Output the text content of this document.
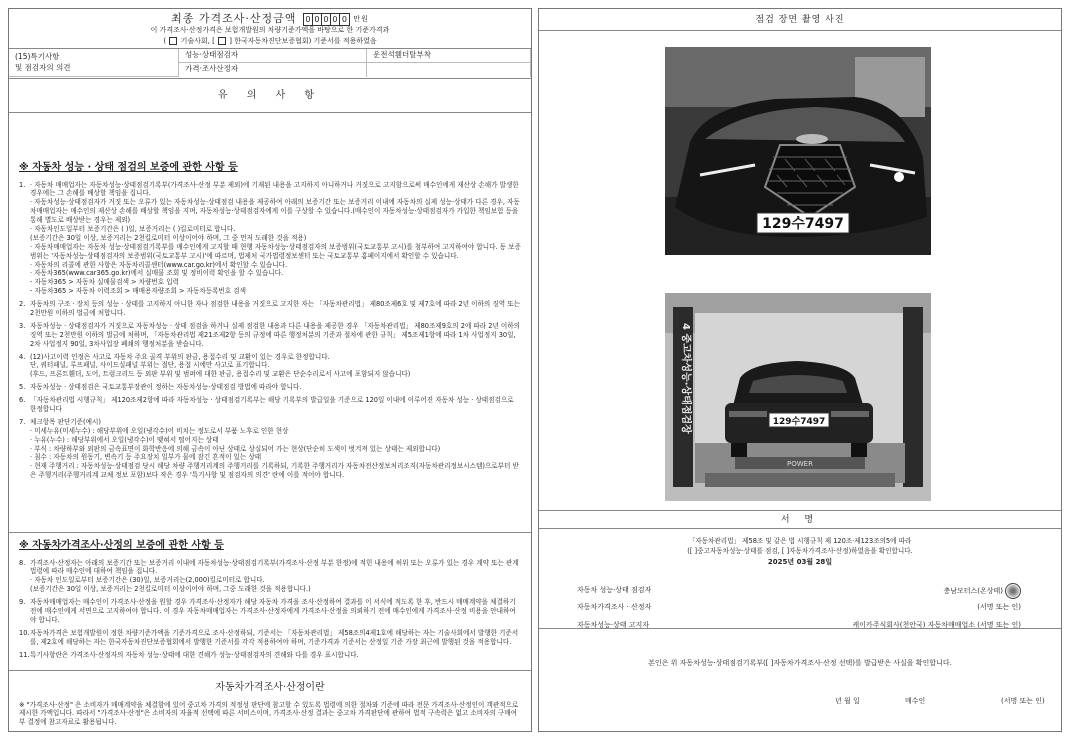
최종 가격조사·산정금액 0 0 0 0 0 만원
이 가격조사·산정가격은 보험개발원의 차량기준가액을 바탕으로 한 기준가격과
(  기술사회, [  ] 한국자동차진단보증협회) 기준서를 적용하였음
(15)특기사항
및 점검자의 의견
성능·상태점검자	운전석휀더탈부착
가격·조사산정자
유 의 사 항
※ 자동차 성능 · 상태 점검의 보증에 관한 사항 등
1. · 자동차 매매업자는 자동차성능·상태점검기록부(가격조사·산정 부분 제외)에 기재된 내용을 고지하지 아니하거나 거짓으로 고지함으로써 매수인에게 재산상 손해가 발생한 경우에는 그 손해를 배상할 책임을 집니다.

· 자동차성능·상태점검자가 거짓 또는 오류가 있는 자동차성능·상태점검 내용을 제공하여 아래의 보증기간 또는 보증거리 이내에 자동차의 실제 성능·상태가 다른 경우, 자동차매매업자는 매수인의 재산상 손해를 배상할 책임을 지며, 자동차성능·상태점검자에게 이를 구상할 수 있습니다.(매수인이 자동차성능·상태점검자가 가입한 책임보험 등을 통해 별도로 배상받는 경우는 제외)

· 자동차인도일부터 보증기간은 ( )일, 보증거리는 ( )킬로미터로 합니다.

(보증기간은 30일 이상, 보증거리는 2천킬로미터 이상이어야 하며, 그 중 먼저 도래한 것을 적용)

· 자동차매매업자는 자동차 성능·상태점검기록부를 매수인에게 고지할 때 현행 자동차성능·상태점검자의 보증범위(국토교통부 고시)를 첨부하여 고지하여야 합니다. 동 보증범위는 '자동차성능·상태점검자의 보증범위(국토교통부 고시)'에 따르며, 법제처 국가법령정보센터 또는 국토교통부 홈페이지에서 확인할 수 있습니다.

· 자동차의 리콜에 관한 사항은 자동차리콜센터(www.car.go.kr)에서 확인할 수 있습니다.

· 자동차365(www.car365.go.kr)에서 실매물 조회 및 정비이력 확인을 할 수 있습니다.

- 자동차365 > 자동차 실매물검색 > 차량번호 입력

- 자동차365 > 자동차 이력조회 > 매매용자량조회 > 자동차등록번호 검색

2. 자동차의 구조 · 장치 등의 성능 · 상태를 고지하지 아니한 자나 점검한 내용을 거짓으로 고지한 자는 「자동차관리법」 제80조제6호 및 제7호에 따라 2년 이하의 징역 또는 2천만원 이하의 벌금에 처합니다.

3. 자동차성능 · 상태점검자가 거짓으로 자동차성능 · 상태 점검을 하거나 실제 점검한 내용과 다른 내용을 제공한 경우 「자동차관리법」 제80조제9호의 2에 따라 2년 이하의 징역 또는 2천만원 이하의 벌금에 처하며, 「자동차관리법 제21조제2항 등의 규정에 따른 행정처분의 기준과 절차에 관한 규칙」 제5조제1항에 따라 1차 사업정지 30일, 2차 사업정지 90일, 3차사업장 폐쇄의 행정처분을 받습니다.

4. (12)사고이력 인정은 사고로 자동차 주요 골격 부위의 판금, 용접수리 및 교환이 있는 경우로 한정합니다.

단, 쿼터패널, 루프패널, 사이드실패널 부위는 절단, 용접 시에만 사고로 표기합니다.

(후드, 프론트휀더, 도어, 트렁크리드 등 외판 부위 및 범퍼에 대한 판금, 용접수리 및 교환은 단순수리로서 사고에 포함되지 않습니다)

5. 자동차성능 · 상태점검은 국토교통부장관이 정하는 자동차성능·상태점검 방법에 따라야 합니다.

6. 「자동차관리법 시행규칙」 제120조제2항에 따라 자동차성능 · 상태점검기록부는 해당 기록부의 발급일을 기준으로 120일 이내에 이루어진 자동차 성능 · 상태점검으로 한정합니다

7. 체크항목 판단기준(예시)

· 미세누유(미세누수) : 해당부위에 오일(냉각수)이 비치는 정도로서 부품 노후로 인한 현상

· 누유(누수) : 해당부위에서 오일(냉각수)이 맺혀서 떨어지는 상태

· 부식 : 차량하부와 외판의 금속표면이 화학반응에 의해 금속이 아닌 상태로 상실되어 가는 현상(단순히 도색이 벗겨져 있는 상태는 제외합니다)

· 침수 : 자동차의 원동기, 변속기 등 주요장치 일부가 물에 잠긴 흔적이 있는 상태

· 현재 주행거리 : 자동차성능·상태점검 당시 해당 차량 주행거리계의 주행거리를 기록하되, 기록한 주행거리가 자동차전산정보처리조직(자동차관리정보시스템)으로부터 받은 주행거리(주행거리계 교체 정보 포함)보다 작은 경우 '특기사항 및 점검자의 의견' 란에 이를 적어야 합니다.

※ 자동차가격조사·산정의 보증에 관한 사항 등
8. 가격조사·산정자는 아래의 보증기간 또는 보증거리 이내에 자동차성능·상태점검기록부(가격조사·산정 부분 한정)에 적힌 내용에 허위 또는 오류가 있는 경우 계약 또는 관계법령에 따라 매수인에 대하여 책임을 집니다.

· 자동차 인도일로부터 보증기간은 (30)일, 보증거리는(2,000)킬로미터로 합니다.

(보증기간은 30일 이상, 보증거리는 2천킬로미터 이상이어야 하며, 그중 도래한 것을 적용합니다.)

9. 자동차매매업자는 매수인이 가격조사·산정을 원할 경우 가격조사·산정자가 해당 자동차 가격을 조사·산정하여 결과를 이 서식에 적도록 한 후, 반드시 매매계약을 체결하기 전에 매수인에게 서면으로 고지하여야 합니다. 이 경우 자동차매매업자는 가격조사·산정자에게 가격조사·산정을 의뢰하기 전에 매수인에게 가격조사·산정 비용을 안내하여야 합니다.

10. 자동차가격은 보험개발원이 정한 차량기준가액을 기준가격으로 조사·산정하되, 기준서는 「자동차관리법」 제58조의4제1호에 해당하는 자는 기술사회에서 발행한 기준서를, 제2호에 해당하는 자는 한국자동차진단보증협회에서 발행한 기준서를 각각 적용하여야 하며, 기준가격과 기준서는 산정일 기준 가장 최근에 발행된 것을 적용합니다.

11. 특기사항란은 가격조사·산정자의 자동차 성능·상태에 대한 견해가 성능·상태점검자의 견해와 다를 경우 표시합니다.

자동차가격조사·산정이란
※ "가격조사·산정" 은 소비자가 매매계약을 체결함에 있어 중고차 가격의 적정성 판단에 참고할 수 있도록 법령에 의한 절차와 기준에 따라 전문 가격조사·산정인이 객관적으로 제시한 가액입니다. 따라서 "가격조사·산정"은 소비자의 자율적 선택에 따른 서비스이며, 가격조사·산정 결과는 중고차 가격판단에 관하여 법적 구속력은 없고 소비자의 구매여부 결정에 참고자료로 활용됩니다.
점검 장면 촬영 사진
129수7497
4 중고차성능·상태점검장	129수7497
POWER
서 명
「자동차관리법」 제58조 및 같은 법 시행규칙 제 120조·제123조의5에 따라
([ ]중고자동차성능·상태를 점검, [ ]자동차가격조사·산정)하였음을 확인합니다.
2025년 03월 28일
자동차 성능·상태 점검자	충남모터스(온상태)
자동차가격조사 · 산정자	(서명 또는 인)
자동차성능·상태 고지자	케이카주식회사(천안국) 자동차매매업소 (서명 또는 인)
본인은 위 자동차성능·상태점검기록부([ ]자동차가격조사·산정 선택)를 발급받은 사실을 확인합니다.
년 월 일	매수인	(서명 또는 인)
